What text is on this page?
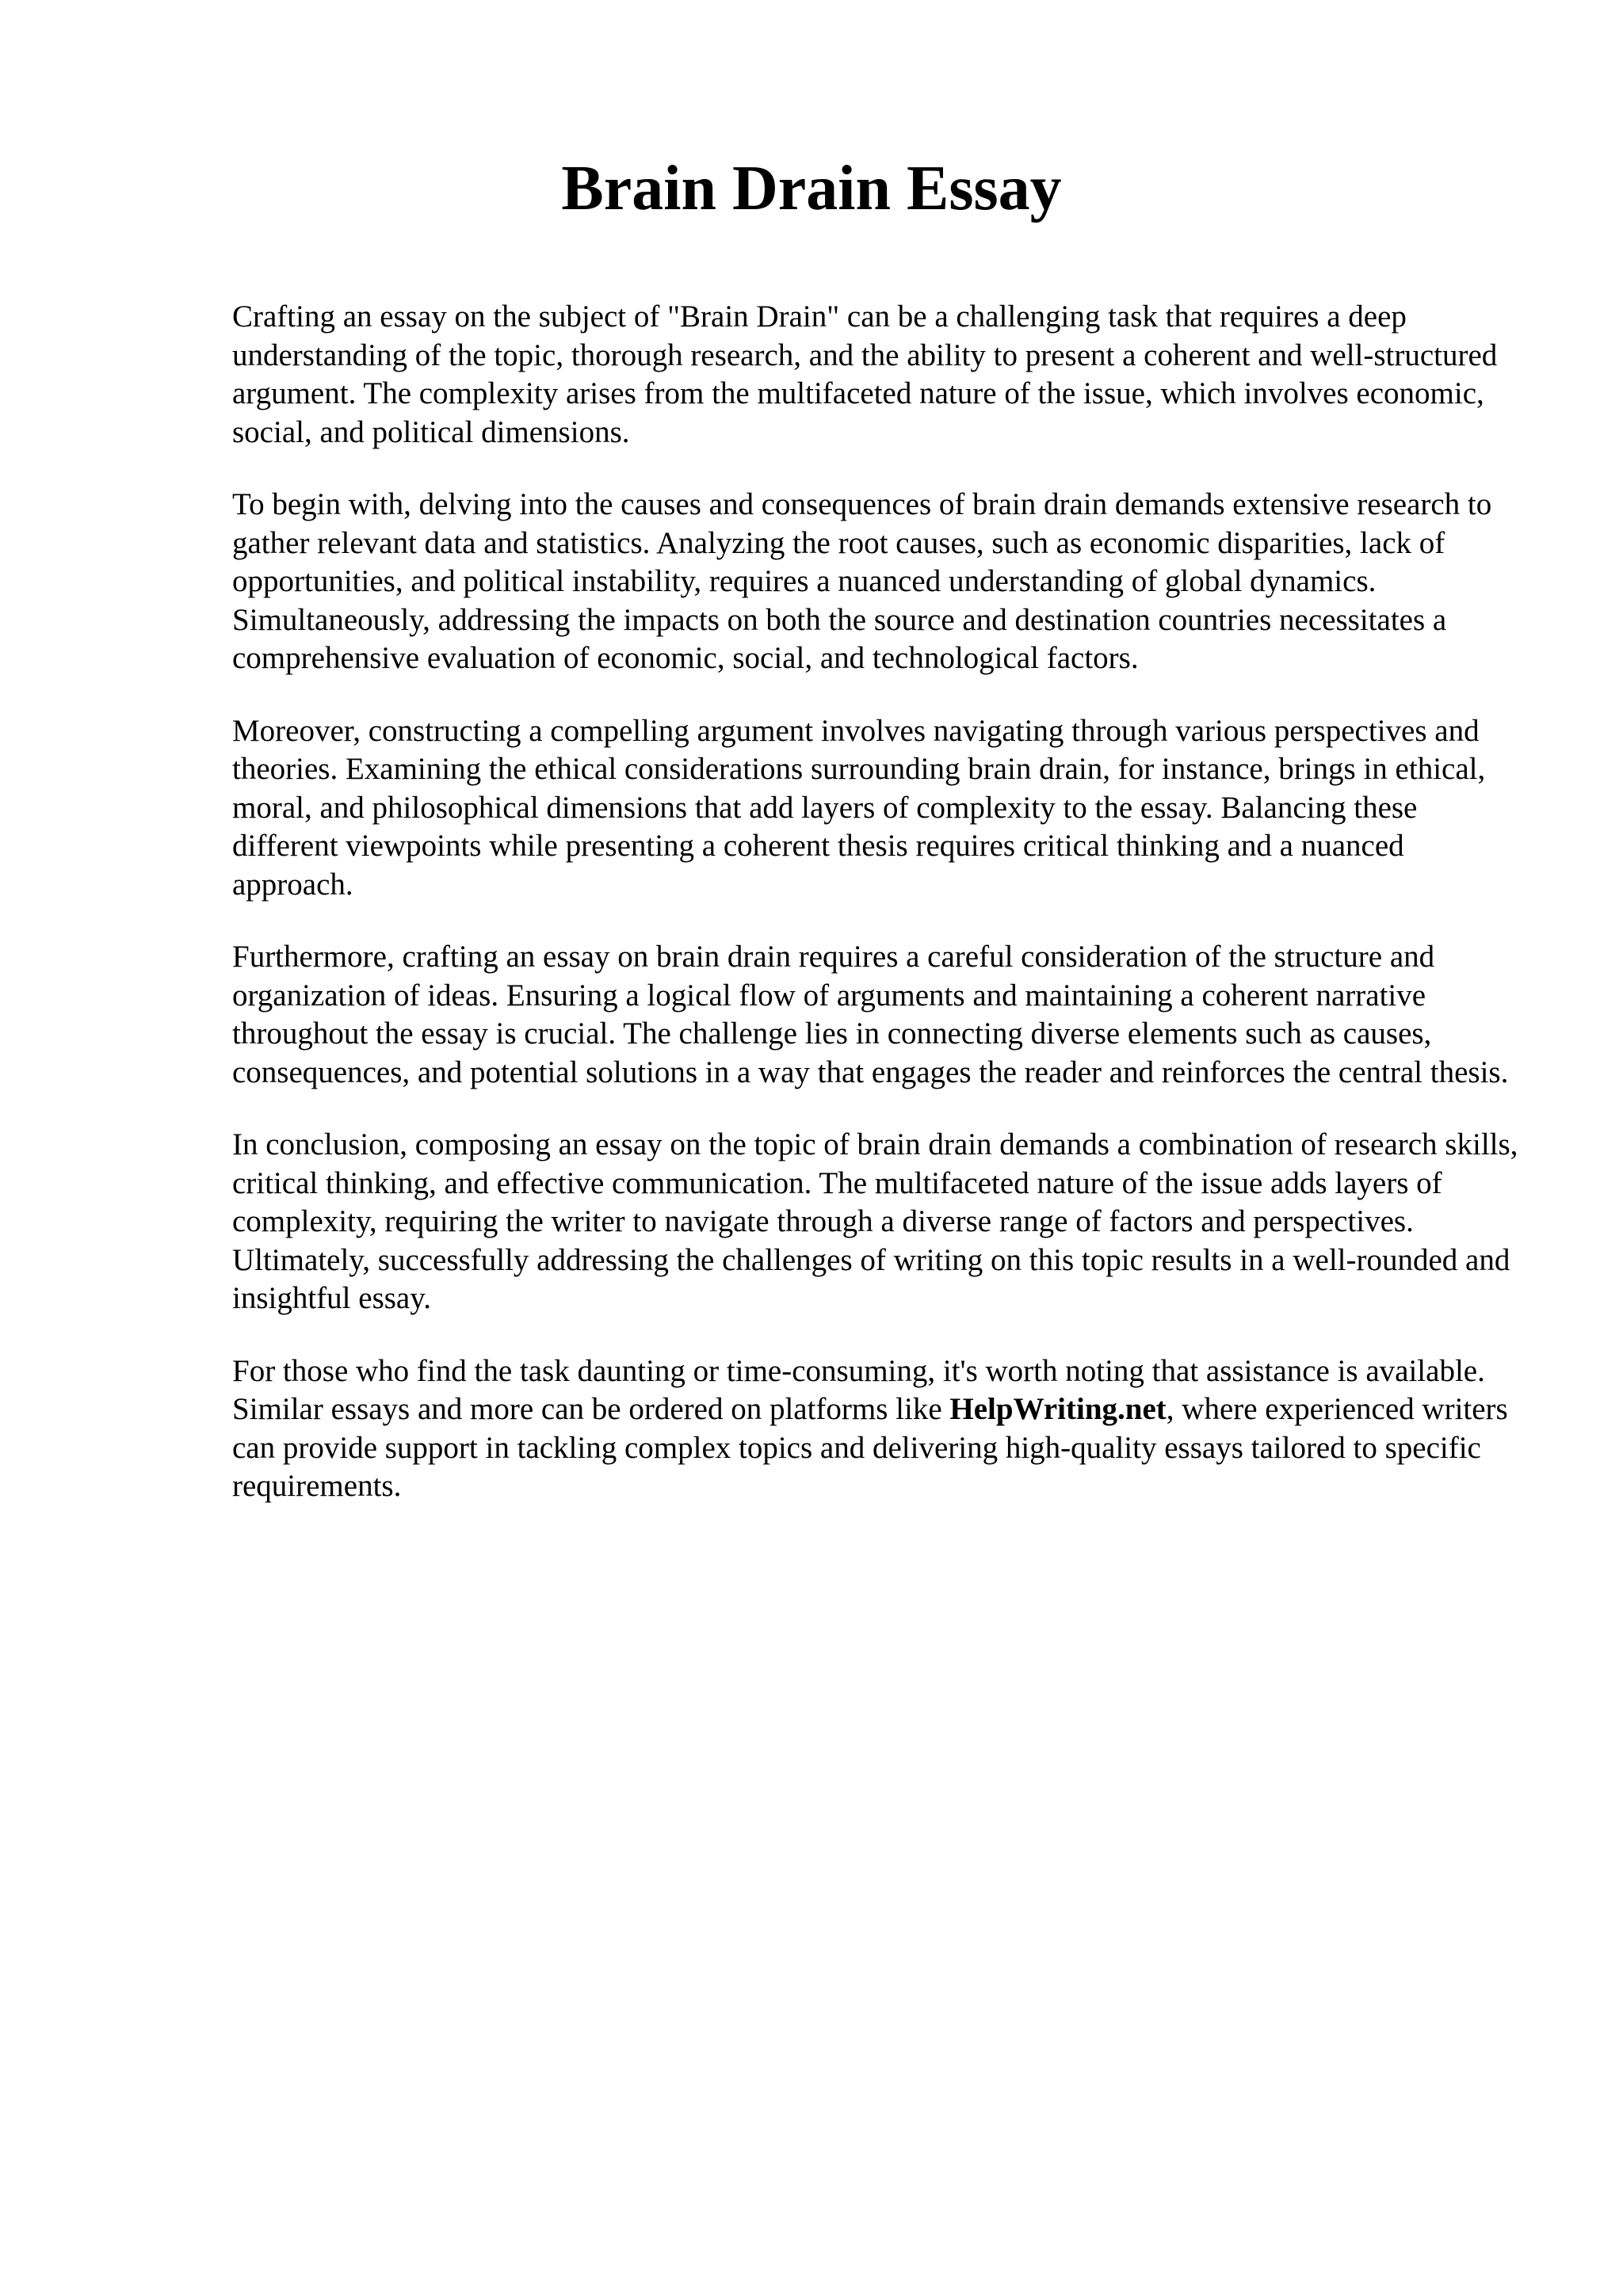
Brain Drain Essay

Crafting an essay on the subject of "Brain Drain" can be a challenging task that requires a deep understanding of the topic, thorough research, and the ability to present a coherent and well-structured argument. The complexity arises from the multifaceted nature of the issue, which involves economic, social, and political dimensions.

To begin with, delving into the causes and consequences of brain drain demands extensive research to gather relevant data and statistics. Analyzing the root causes, such as economic disparities, lack of opportunities, and political instability, requires a nuanced understanding of global dynamics. Simultaneously, addressing the impacts on both the source and destination countries necessitates a comprehensive evaluation of economic, social, and technological factors.

Moreover, constructing a compelling argument involves navigating through various perspectives and theories. Examining the ethical considerations surrounding brain drain, for instance, brings in ethical, moral, and philosophical dimensions that add layers of complexity to the essay. Balancing these different viewpoints while presenting a coherent thesis requires critical thinking and a nuanced approach.

Furthermore, crafting an essay on brain drain requires a careful consideration of the structure and organization of ideas. Ensuring a logical flow of arguments and maintaining a coherent narrative throughout the essay is crucial. The challenge lies in connecting diverse elements such as causes, consequences, and potential solutions in a way that engages the reader and reinforces the central thesis.

In conclusion, composing an essay on the topic of brain drain demands a combination of research skills, critical thinking, and effective communication. The multifaceted nature of the issue adds layers of complexity, requiring the writer to navigate through a diverse range of factors and perspectives. Ultimately, successfully addressing the challenges of writing on this topic results in a well-rounded and insightful essay.

For those who find the task daunting or time-consuming, it's worth noting that assistance is available. Similar essays and more can be ordered on platforms like HelpWriting.net, where experienced writers can provide support in tackling complex topics and delivering high-quality essays tailored to specific requirements.
